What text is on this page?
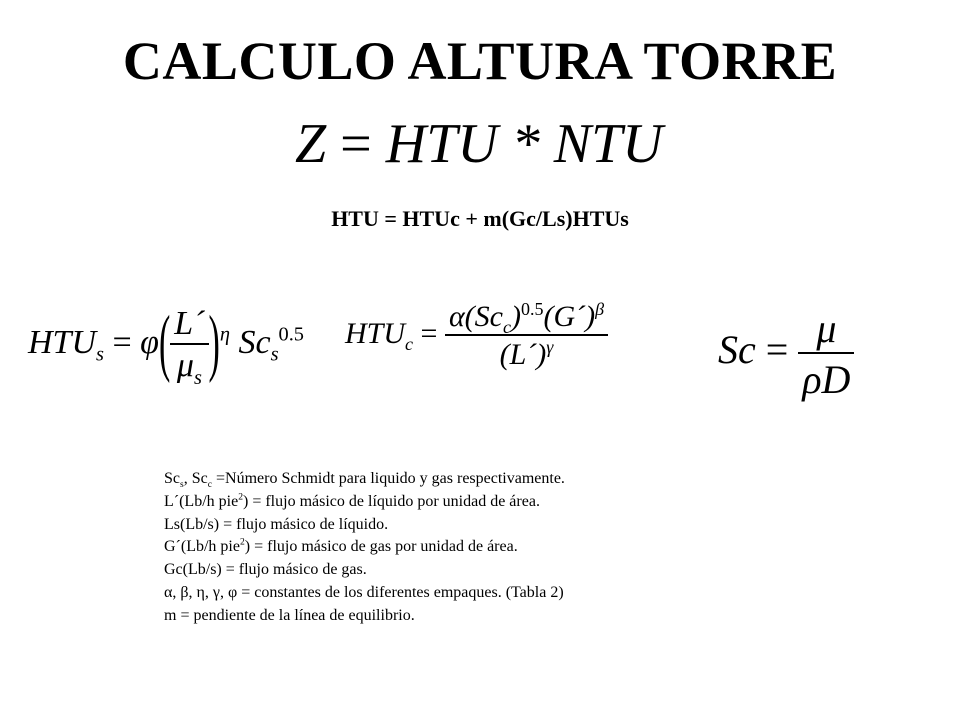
CALCULO ALTURA TORRE
Z = HTU * NTU
HTU = HTUc + m(Gc/Ls)HTUs
$HTU_s = \varphi( \frac{L´}{\mu_s} )^\eta$ $Sc_s^{0.5}$ $HTU_c = \frac{\alpha(Sc_c)^{0.5}(G´)^\beta}{(L´)^\gamma}$	$Sc = \frac{\mu}{\rho D}$
$Sc_s$, $Sc_c$ =Número Schmidt para liquido y gas respectivamente.
L´(Lb/h pie$^2$) = flujo másico de líquido por unidad de área.
Ls(Lb/s) = flujo másico de líquido.
G´(Lb/h pie$^2$) = flujo másico de gas por unidad de área.
Gc(Lb/s) = flujo másico de gas.
α, β, η, γ, φ = constantes de los diferentes empaques. (Tabla 2)
m = pendiente de la línea de equilibrio.
